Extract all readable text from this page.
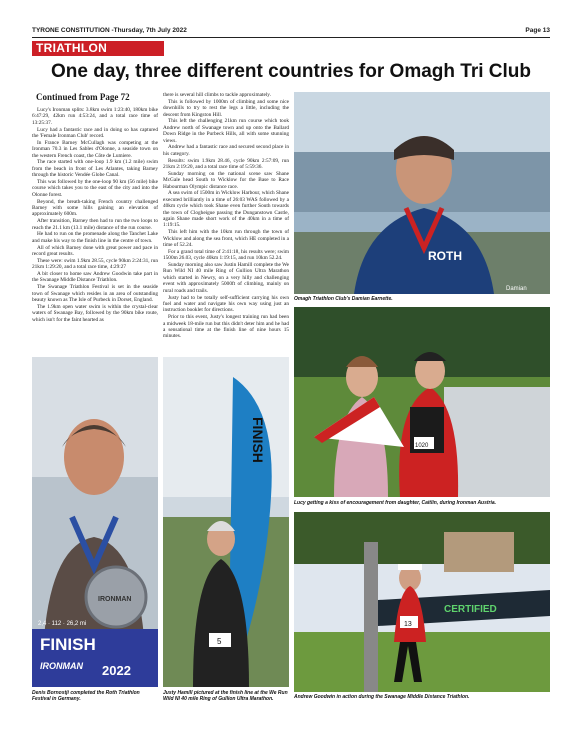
TYRONE CONSTITUTION -Thursday, 7th July 2022	Page 13
TRIATHLON
One day, three different countries for Omagh Tri Club
Continued from Page 72

Lucy's Ironman splits: 3.8km swim 1:23:40, 180km bike 6:47:29, 42km run 4:53:24, and a total race time of 13:25:37.

Lucy had a fantastic race and in doing so has captured the 'Female Ironman Club' record.

In France Barney McCullagh was competing at the Ironman 70.3 in Les Sables d'Olonne, a seaside town on the western French coast, the Côte de Lumiere.

The race started with one-loop 1.9 km (1.2 mile) swim from the beach in front of Les Atlantes, taking Barney through the historic Vendée Globe Canal.

This was followed by the one-loop 90 km (56 mile) bike course which takes you to the east of the city and into the Olonne forest.

Beyond, the breath-taking French country challenged Barney with some hills gaining an elevation of approximately 600m.

After transition, Barney then had to run the two loops to reach the 21.1 km (13.1 mile) distance of the run course.

He had to run on the promenade along the Tanchet Lake and make his way to the finish line in the centre of town.

All of which Barney done with great power and pace in record great results.

These were: swim 1.9km 28.55, cycle 90km 2:24:31, run 21km 1:29:20, and a total race time, 4:29:27

A bit closer to home saw Andrew Goodwin take part in the Swanage Middle Distance Triathlon.

The Swanage Triathlon Festival is set in the seaside town of Swanage which resides in an area of outstanding beauty known as The Isle of Purbeck in Dorset, England.

The 1.9km open water swim is within the crystal-clear waters of Swanage Bay, followed by the 90km bike route, which isn't for the faint hearted as

there is several hill climbs to tackle approximately.

This is followed by 1000m of climbing and some nice downhills to try to rest the legs a little, including the descent from Kingston Hill.

This left the challenging 21km run course which took Andrew north of Swanage town and up onto the Ballard Down Ridge in the Purbeck Hills, all with some stunning views.

Andrew had a fantastic race and secured second place in his category.

Results: swim 1.9km 28.46, cycle 90km 2:57:09, run 21km 2:19:20, and a total race time of 5:59:36.

Sunday morning on the national scene saw Shane McGale head South to Wicklow for the Base to Race Habourman Olympic distance race.

A sea swim of 1500m in Wicklow Harbour, which Shane executed brilliantly in a time of 26:03 WAS followed by a 40km cycle which took Shane even further South towards the town of Clogheigue passing the Dunganstown Castle, again Shane made short work of the 40km in a time of 1:19:15.

This left him with the 10km run through the town of Wicklow and along the sea front, which HE completed in a time of 52.24.

For a grand total time of 2:41:18, his results were; swim 1500m 26.03, cycle 40km 1:19:15, and run 10km 52.24.

Sunday morning also saw Justin Hamill complete the We Run Wild NI 40 mile Ring of Gullion Ultra Marathon which started in Newry, on a very hilly and challenging event with approximately 5000ft of climbing, mainly on rural roads and trails.

Justy had to be totally self-sufficient carrying his own fuel and water and navigate his own way using just an instruction booklet for directions.

Prior to this event, Justy's longest training run had been a midweek 18-mile run but this didn't deter him and he had a sensational time at the finish line of nine hours 15 minutes.

ROTH
Damian
Omagh Triathlon Club's Damian Earnette.
1020
Lucy getting a kiss of encouragement from daughter, Caitlin, during Ironman Austria.
CERTIFIED
13
Andrew Goodwin in action during the Swanage Middle Distance Triathlon.
IRONMAN
2,4 · 112 · 26,2 mi
FINISH
IRONMAN 2022
Denis Bornostji completed the Roth Triathlon Festival in Germany.
FINISH
5
Justy Hamill pictured at the finish line at the We Run Wild NI 40 mile Ring of Gullion Ultra Marathon.
